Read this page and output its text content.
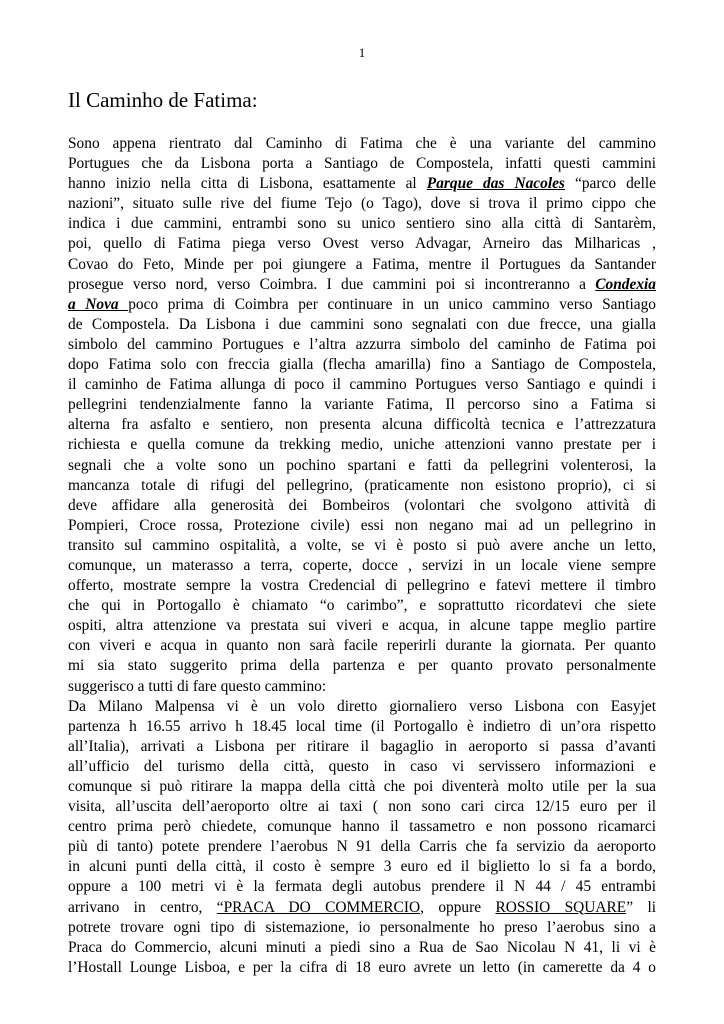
1
Il Caminho de Fatima:

Sono appena rientrato dal Caminho di Fatima che è una variante del cammino
Portugues che da Lisbona porta a Santiago de Compostela, infatti questi cammini
hanno inizio nella citta di Lisbona, esattamente al Parque das Nacoles “parco delle
nazioni”, situato sulle rive del fiume Tejo (o Tago), dove si trova il primo cippo che
indica i due cammini, entrambi sono su unico sentiero sino alla città di Santarèm,
poi, quello di Fatima piega verso Ovest verso Advagar, Arneiro das Milharicas ,
Covao do Feto, Minde per poi giungere a Fatima, mentre il Portugues da Santander
prosegue verso nord, verso Coimbra. I due cammini poi si incontreranno a Condexia
a Nova poco prima di Coimbra per continuare in un unico cammino verso Santiago
de Compostela. Da Lisbona i due cammini sono segnalati con due frecce, una gialla
simbolo del cammino Portugues e l’altra azzurra simbolo del caminho de Fatima poi
dopo Fatima solo con freccia gialla (flecha amarilla) fino a Santiago de Compostela,
il caminho de Fatima allunga di poco il cammino Portugues verso Santiago e quindi i
pellegrini tendenzialmente fanno la variante Fatima, Il percorso sino a Fatima si
alterna fra asfalto e sentiero, non presenta alcuna difficoltà tecnica e l’attrezzatura
richiesta e quella comune da trekking medio, uniche attenzioni vanno prestate per i
segnali che a volte sono un pochino spartani e fatti da pellegrini volenterosi, la
mancanza totale di rifugi del pellegrino, (praticamente non esistono proprio), ci si
deve affidare alla generosità dei Bombeiros (volontari che svolgono attività di
Pompieri, Croce rossa, Protezione civile) essi non negano mai ad un pellegrino in
transito sul cammino ospitalità, a volte, se vi è posto si può avere anche un letto,
comunque, un materasso a terra, coperte, docce , servizi in un locale viene sempre
offerto, mostrate sempre la vostra Credencial di pellegrino e fatevi mettere il timbro
che qui in Portogallo è chiamato “o carimbo”, e soprattutto ricordatevi che siete
ospiti, altra attenzione va prestata sui viveri e acqua, in alcune tappe meglio partire
con viveri e acqua in quanto non sarà facile reperirli durante la giornata. Per quanto
mi sia stato suggerito prima della partenza e per quanto provato personalmente
suggerisco a tutti di fare questo cammino:

Da Milano Malpensa vi è un volo diretto giornaliero verso Lisbona con Easyjet
partenza h 16.55 arrivo h 18.45 local time (il Portogallo è indietro di un’ora rispetto
all’Italia), arrivati a Lisbona per ritirare il bagaglio in aeroporto si passa d’avanti
all’ufficio del turismo della città, questo in caso vi servissero informazioni e
comunque si può ritirare la mappa della città che poi diventerà molto utile per la sua
visita, all’uscita dell’aeroporto oltre ai taxi ( non sono cari circa 12/15 euro per il
centro prima però chiedete, comunque hanno il tassametro e non possono ricamarci
più di tanto) potete prendere l’aerobus N 91 della Carris che fa servizio da aeroporto
in alcuni punti della città, il costo è sempre 3 euro ed il biglietto lo si fa a bordo,
oppure a 100 metri vi è la fermata degli autobus prendere il N 44 / 45 entrambi
arrivano in centro, “PRACA DO COMMERCIO, oppure ROSSIO SQUARE” li
potrete trovare ogni tipo di sistemazione, io personalmente ho preso l’aerobus sino a
Praca do Commercio, alcuni minuti a piedi sino a Rua de Sao Nicolau N 41, li vi è
l’Hostall Lounge Lisboa, e per la cifra di 18 euro avrete un letto (in camerette da 4 o
